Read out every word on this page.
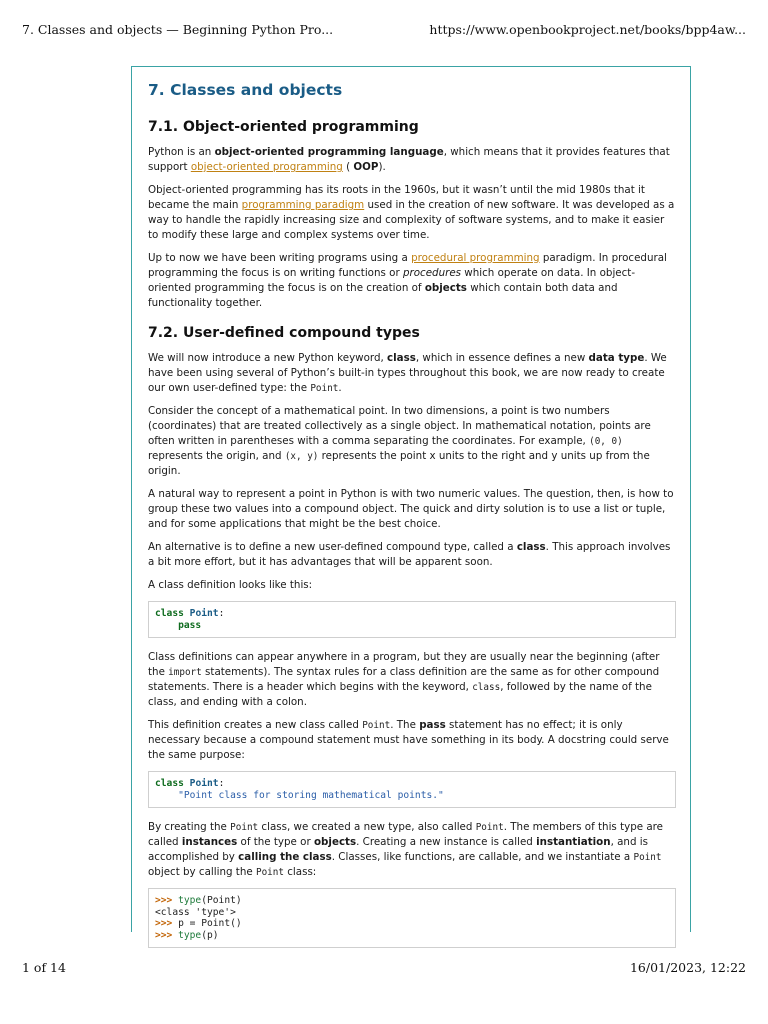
7. Classes and objects — Beginning Python Pro...	https://www.openbookproject.net/books/bpp4aw...
7. Classes and objects
7.1. Object-oriented programming

Python is an object-oriented programming language, which means that it provides features that support object-oriented programming ( OOP).

Object-oriented programming has its roots in the 1960s, but it wasn’t until the mid 1980s that it became the main programming paradigm used in the creation of new software. It was developed as a way to handle the rapidly increasing size and complexity of software systems, and to make it easier to modify these large and complex systems over time.

Up to now we have been writing programs using a procedural programming paradigm. In procedural programming the focus is on writing functions or procedures which operate on data. In object-oriented programming the focus is on the creation of objects which contain both data and functionality together.

7.2. User-defined compound types

We will now introduce a new Python keyword, class, which in essence defines a new data type. We have been using several of Python’s built-in types throughout this book, we are now ready to create our own user-defined type: the Point.

Consider the concept of a mathematical point. In two dimensions, a point is two numbers (coordinates) that are treated collectively as a single object. In mathematical notation, points are often written in parentheses with a comma separating the coordinates. For example, (0, 0) represents the origin, and (x, y) represents the point x units to the right and y units up from the origin.

A natural way to represent a point in Python is with two numeric values. The question, then, is how to group these two values into a compound object. The quick and dirty solution is to use a list or tuple, and for some applications that might be the best choice.

An alternative is to define a new user-defined compound type, called a class. This approach involves a bit more effort, but it has advantages that will be apparent soon.

A class definition looks like this:

class Point:
pass

Class definitions can appear anywhere in a program, but they are usually near the beginning (after the import statements). The syntax rules for a class definition are the same as for other compound statements. There is a header which begins with the keyword, class, followed by the name of the class, and ending with a colon.

This definition creates a new class called Point. The pass statement has no effect; it is only necessary because a compound statement must have something in its body. A docstring could serve the same purpose:

class Point:
"Point class for storing mathematical points."

By creating the Point class, we created a new type, also called Point. The members of this type are called instances of the type or objects. Creating a new instance is called instantiation, and is accomplished by calling the class. Classes, like functions, are callable, and we instantiate a Point object by calling the Point class:

>>> type(Point)
<class 'type'>
>>> p = Point()
>>> type(p)
1 of 14	16/01/2023, 12:22
